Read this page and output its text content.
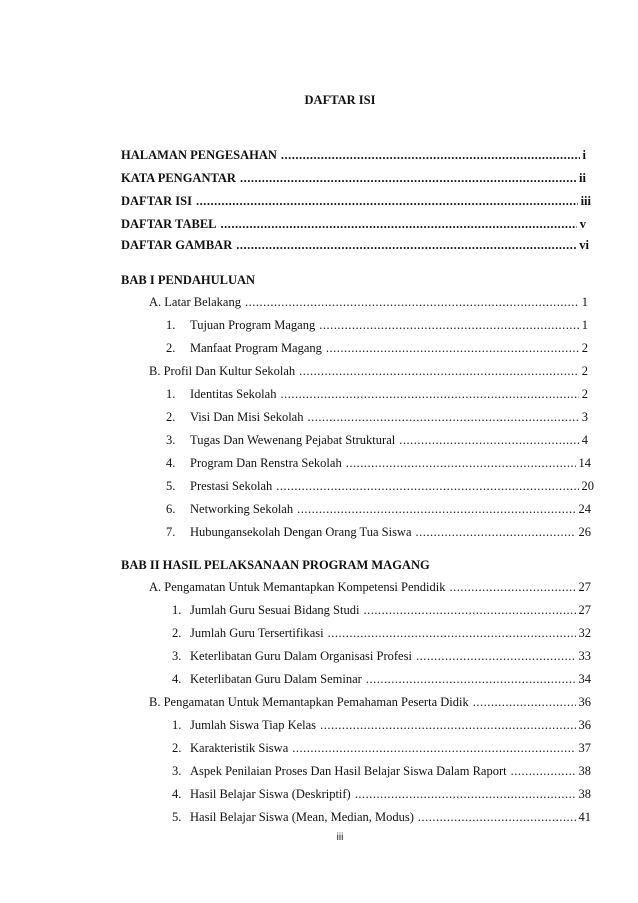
DAFTAR ISI
HALAMAN PENGESAHAN .....	i
KATA PENGANTAR .....	ii
DAFTAR ISI .....	iii
DAFTAR TABEL .....	v
DAFTAR GAMBAR .....	vi
BAB I PENDAHULUAN
A. Latar Belakang .....	1
1. Tujuan Program Magang .....	1
2. Manfaat Program Magang .....	2
B. Profil Dan Kultur Sekolah .....	2
1. Identitas Sekolah .....	2
2. Visi Dan Misi Sekolah .....	3
3. Tugas Dan Wewenang Pejabat Struktural .....	4
4. Program Dan Renstra Sekolah .....	14
5. Prestasi Sekolah .....	20
6. Networking Sekolah .....	24
7. Hubungansekolah Dengan Orang Tua Siswa .....	26
BAB II HASIL PELAKSANAAN PROGRAM MAGANG
A. Pengamatan Untuk Memantapkan Kompetensi Pendidik .....	27
1. Jumlah Guru Sesuai Bidang Studi .....	27
2. Jumlah Guru Tersertifikasi .....	32
3. Keterlibatan Guru Dalam Organisasi Profesi .....	33
4. Keterlibatan Guru Dalam Seminar .....	34
B. Pengamatan Untuk Memantapkan Pemahaman Peserta Didik .....	36
1. Jumlah Siswa Tiap Kelas .....	36
2. Karakteristik Siswa .....	37
3. Aspek Penilaian Proses Dan Hasil Belajar Siswa Dalam Raport .....	38
4. Hasil Belajar Siswa (Deskriptif) .....	38
5. Hasil Belajar Siswa (Mean, Median, Modus) .....	41
iii
